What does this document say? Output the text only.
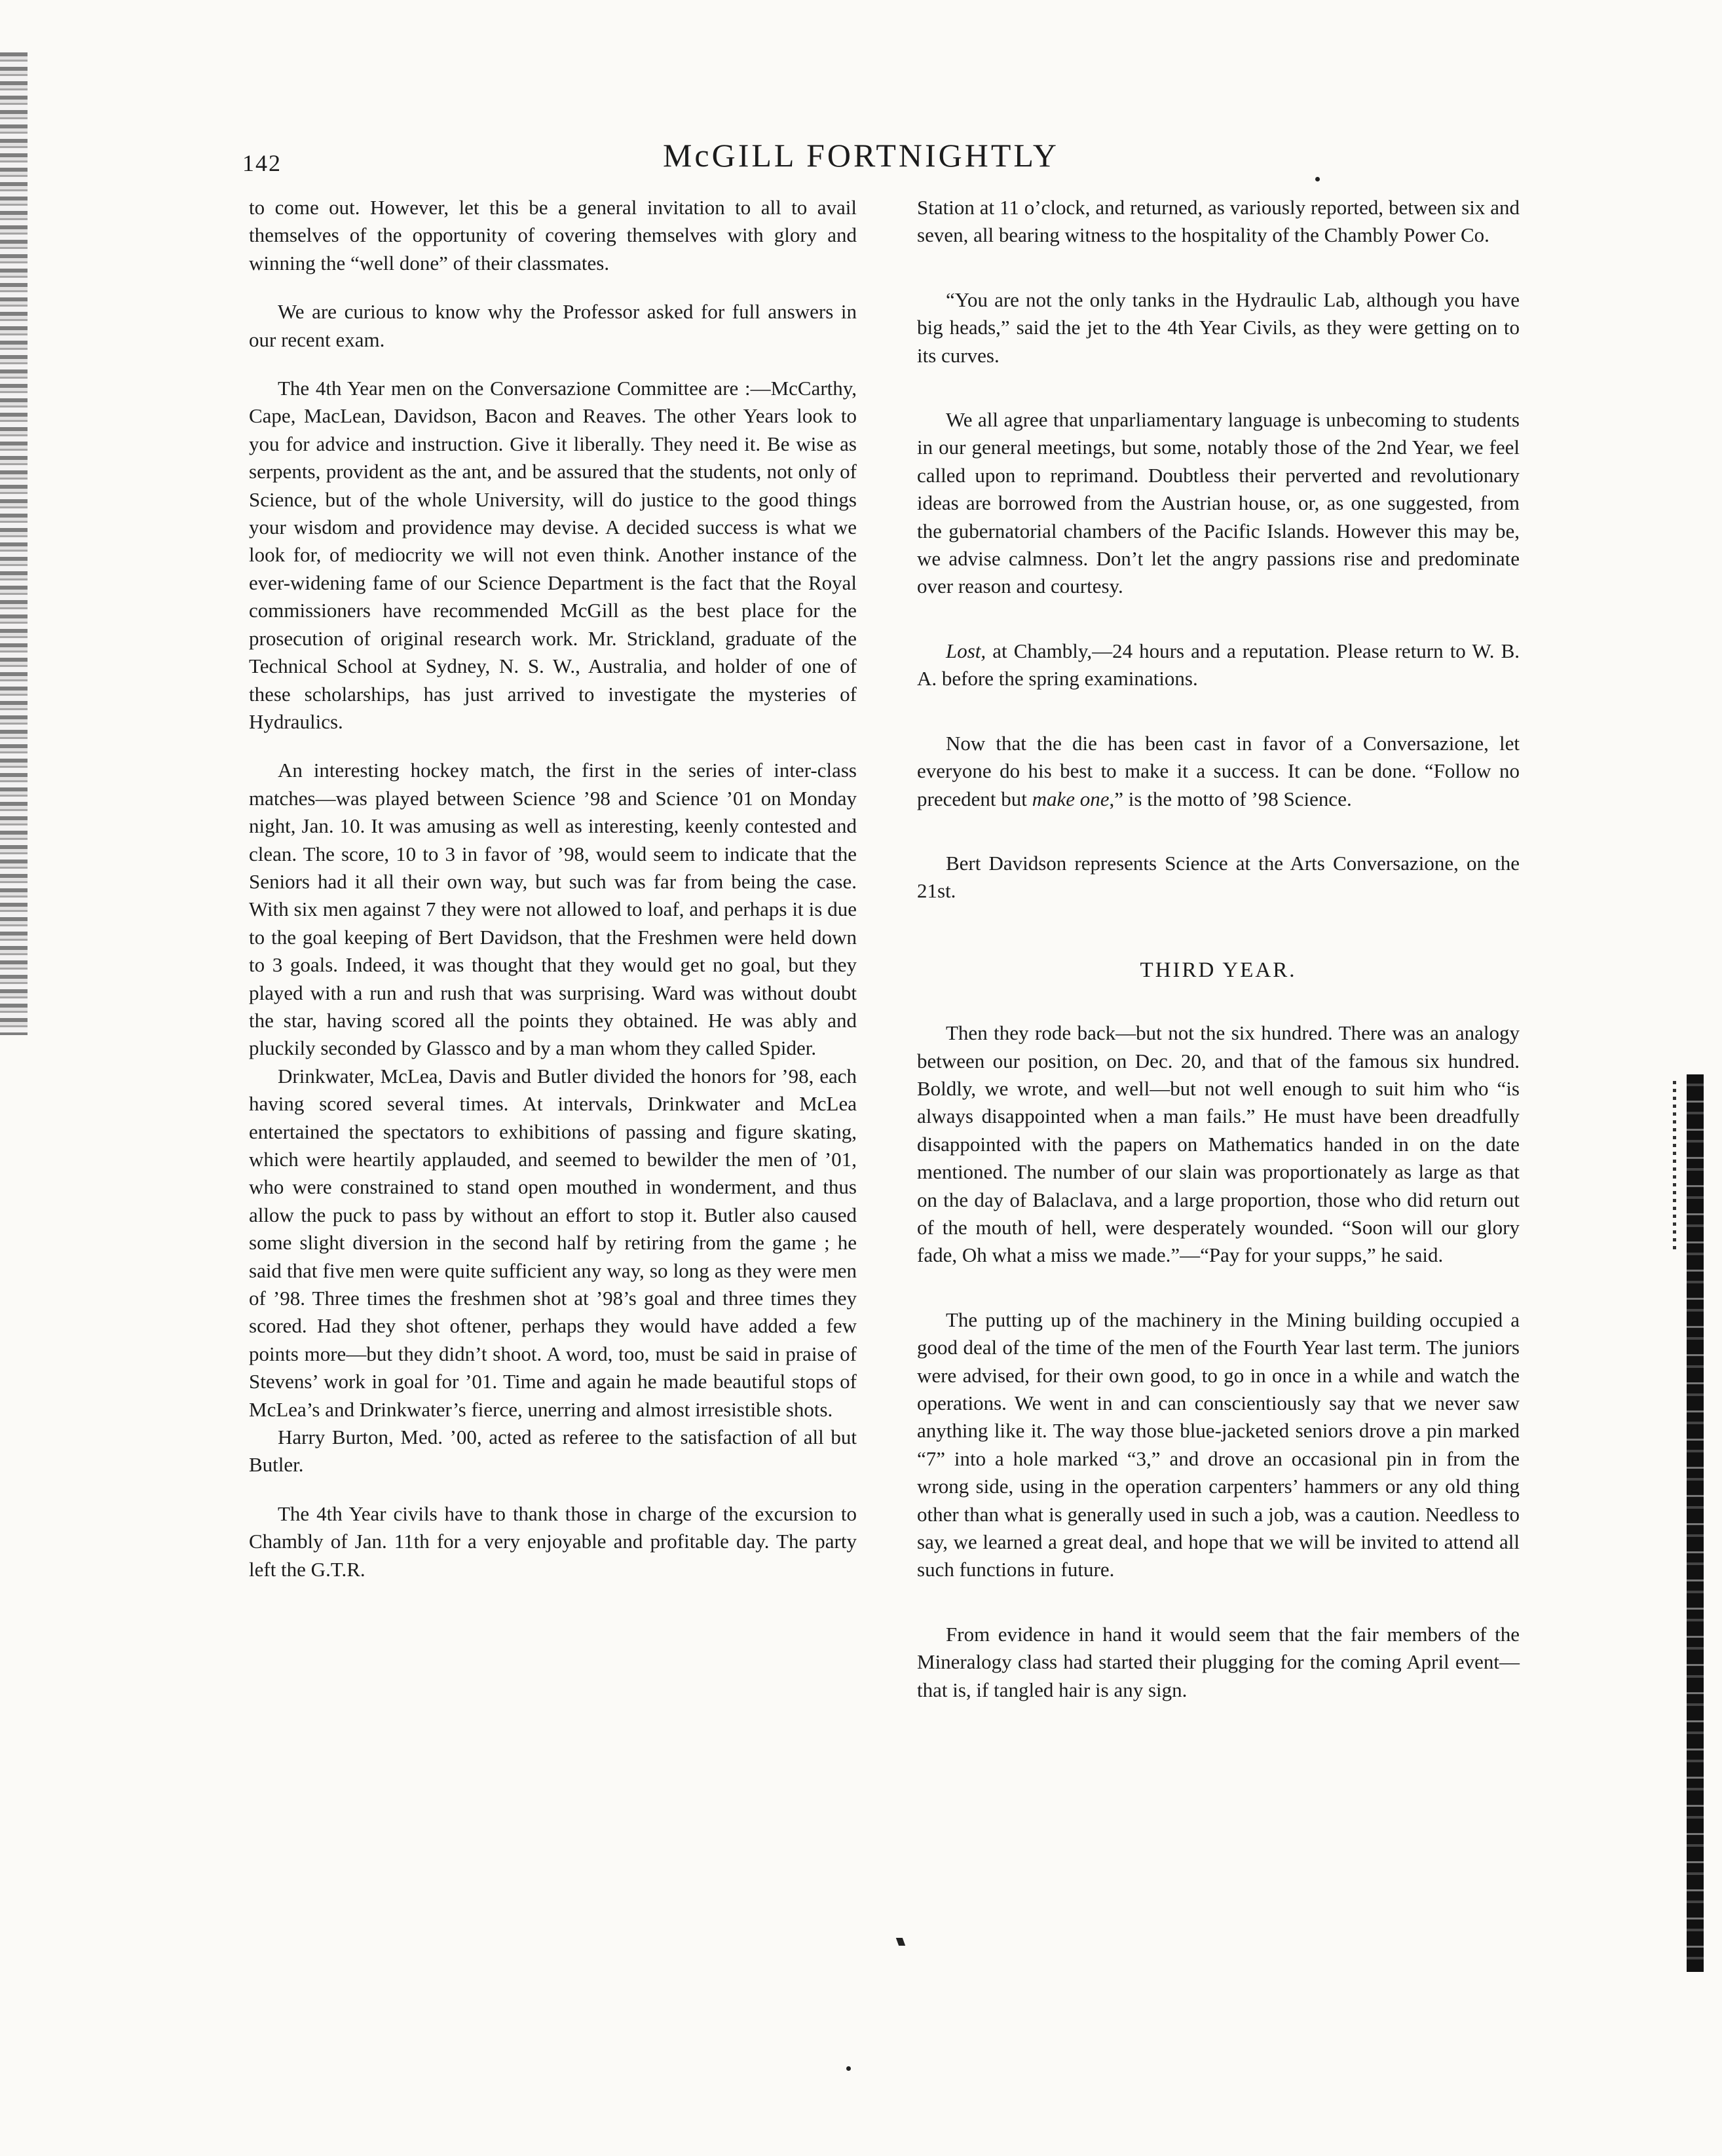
142	McGILL FORTNIGHTLY

to come out. However, let this be a general invitation to all to avail themselves of the opportunity of covering themselves with glory and winning the “well done” of their classmates.

We are curious to know why the Professor asked for full answers in our recent exam.

The 4th Year men on the Conversazione Committee are :—McCarthy, Cape, MacLean, Davidson, Bacon and Reaves. The other Years look to you for advice and instruction. Give it liberally. They need it. Be wise as serpents, provident as the ant, and be assured that the students, not only of Science, but of the whole University, will do justice to the good things your wisdom and providence may devise. A decided success is what we look for, of mediocrity we will not even think. Another instance of the ever-widening fame of our Science Department is the fact that the Royal commissioners have recommended McGill as the best place for the prosecution of original research work. Mr. Strickland, graduate of the Technical School at Sydney, N. S. W., Australia, and holder of one of these scholarships, has just arrived to investigate the mysteries of Hydraulics.

An interesting hockey match, the first in the series of inter-class matches—was played between Science ’98 and Science ’01 on Monday night, Jan. 10. It was amusing as well as interesting, keenly contested and clean. The score, 10 to 3 in favor of ’98, would seem to indicate that the Seniors had it all their own way, but such was far from being the case. With six men against 7 they were not allowed to loaf, and perhaps it is due to the goal keeping of Bert Davidson, that the Freshmen were held down to 3 goals. Indeed, it was thought that they would get no goal, but they played with a run and rush that was surprising. Ward was without doubt the star, having scored all the points they obtained. He was ably and pluckily seconded by Glassco and by a man whom they called Spider.

Drinkwater, McLea, Davis and Butler divided the honors for ’98, each having scored several times. At intervals, Drinkwater and McLea entertained the spectators to exhibitions of passing and figure skating, which were heartily applauded, and seemed to bewilder the men of ’01, who were constrained to stand open mouthed in wonderment, and thus allow the puck to pass by without an effort to stop it. Butler also caused some slight diversion in the second half by retiring from the game ; he said that five men were quite sufficient any way, so long as they were men of ’98. Three times the freshmen shot at ’98’s goal and three times they scored. Had they shot oftener, perhaps they would have added a few points more—but they didn’t shoot. A word, too, must be said in praise of Stevens’ work in goal for ’01. Time and again he made beautiful stops of McLea’s and Drinkwater’s fierce, unerring and almost irresistible shots.

Harry Burton, Med. ’00, acted as referee to the satisfaction of all but Butler.

The 4th Year civils have to thank those in charge of the excursion to Chambly of Jan. 11th for a very enjoyable and profitable day. The party left the G.T.R.

Station at 11 o’clock, and returned, as variously reported, between six and seven, all bearing witness to the hospitality of the Chambly Power Co.

“You are not the only tanks in the Hydraulic Lab, although you have big heads,” said the jet to the 4th Year Civils, as they were getting on to its curves.

We all agree that unparliamentary language is unbecoming to students in our general meetings, but some, notably those of the 2nd Year, we feel called upon to reprimand. Doubtless their perverted and revolutionary ideas are borrowed from the Austrian house, or, as one suggested, from the gubernatorial chambers of the Pacific Islands. However this may be, we advise calmness. Don’t let the angry passions rise and predominate over reason and courtesy.

Lost, at Chambly,—24 hours and a reputation. Please return to W. B. A. before the spring examinations.

Now that the die has been cast in favor of a Conversazione, let everyone do his best to make it a success. It can be done. “Follow no precedent but make one,” is the motto of ’98 Science.

Bert Davidson represents Science at the Arts Conversazione, on the 21st.

THIRD YEAR.

Then they rode back—but not the six hundred. There was an analogy between our position, on Dec. 20, and that of the famous six hundred. Boldly, we wrote, and well—but not well enough to suit him who “is always disappointed when a man fails.” He must have been dreadfully disappointed with the papers on Mathematics handed in on the date mentioned. The number of our slain was proportionately as large as that on the day of Balaclava, and a large proportion, those who did return out of the mouth of hell, were desperately wounded. “Soon will our glory fade, Oh what a miss we made.”—“Pay for your supps,” he said.

The putting up of the machinery in the Mining building occupied a good deal of the time of the men of the Fourth Year last term. The juniors were advised, for their own good, to go in once in a while and watch the operations. We went in and can conscientiously say that we never saw anything like it. The way those blue-jacketed seniors drove a pin marked “7” into a hole marked “3,” and drove an occasional pin in from the wrong side, using in the operation carpenters’ hammers or any old thing other than what is generally used in such a job, was a caution. Needless to say, we learned a great deal, and hope that we will be invited to attend all such functions in future.

From evidence in hand it would seem that the fair members of the Mineralogy class had started their plugging for the coming April event—that is, if tangled hair is any sign.
